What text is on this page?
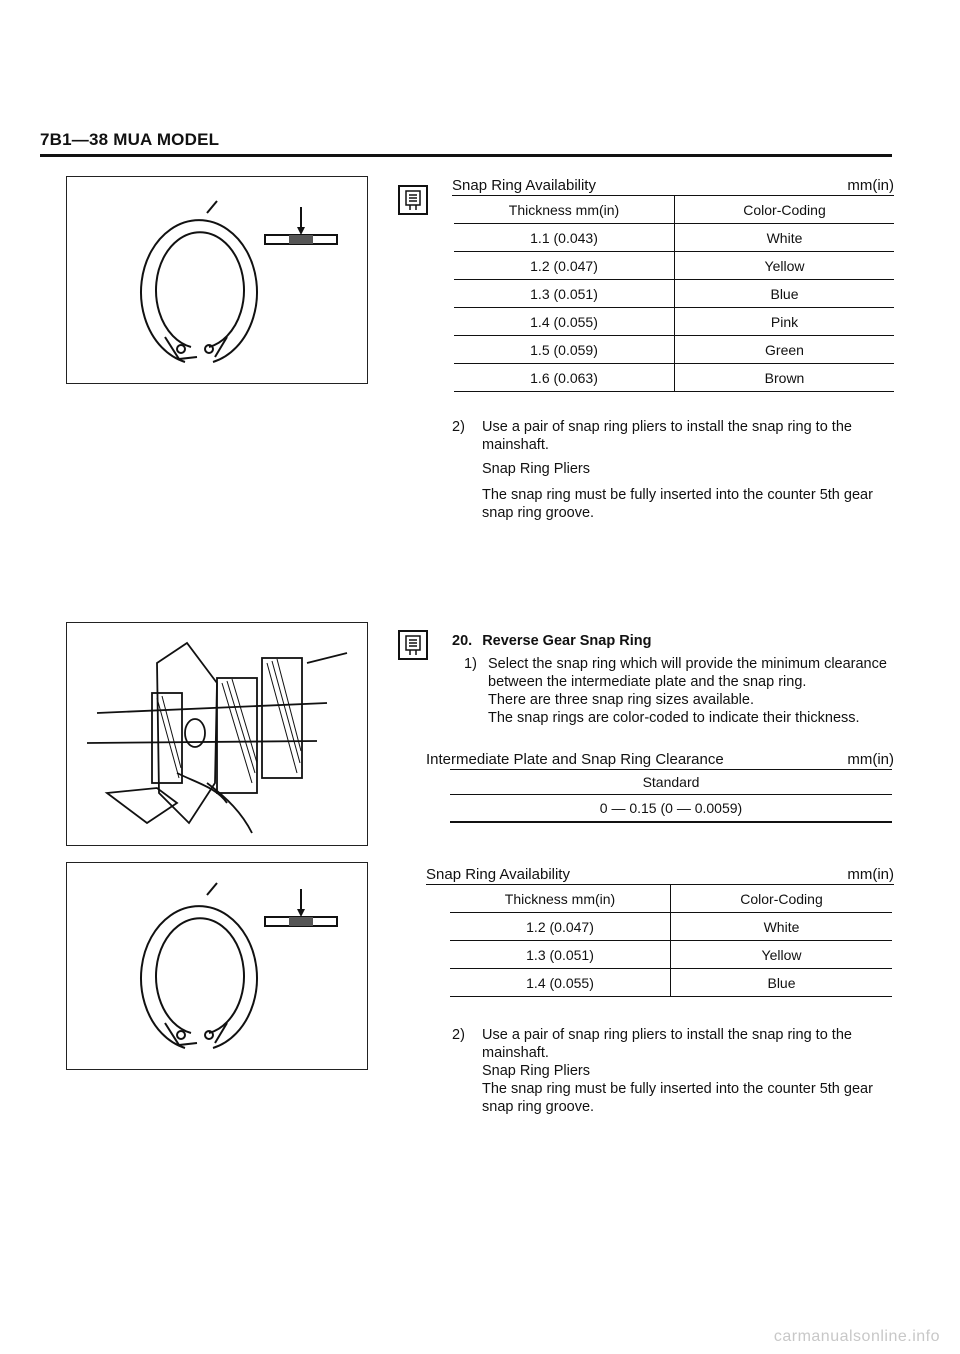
7B1—38 MUA MODEL
Snap Ring Availability	mm(in)
Thickness mm(in)	Color-Coding
1.1 (0.043)	White
1.2 (0.047)	Yellow
1.3 (0.051)	Blue
1.4 (0.055)	Pink
1.5 (0.059)	Green
1.6 (0.063)	Brown
2) Use a pair of snap ring pliers to install the snap ring to the mainshaft.
Snap Ring Pliers
The snap ring must be fully inserted into the counter 5th gear snap ring groove.
20. Reverse Gear Snap Ring
1) Select the snap ring which will provide the minimum clearance between the intermediate plate and the snap ring.
There are three snap ring sizes available.
The snap rings are color-coded to indicate their thickness.
Intermediate Plate and Snap Ring Clearance	mm(in)
Standard
0 — 0.15 (0 — 0.0059)
Snap Ring Availability	mm(in)
Thickness mm(in)	Color-Coding
1.2 (0.047)	White
1.3 (0.051)	Yellow
1.4 (0.055)	Blue
2) Use a pair of snap ring pliers to install the snap ring to the mainshaft.
Snap Ring Pliers
The snap ring must be fully inserted into the counter 5th gear snap ring groove.
carmanualsonline.info
